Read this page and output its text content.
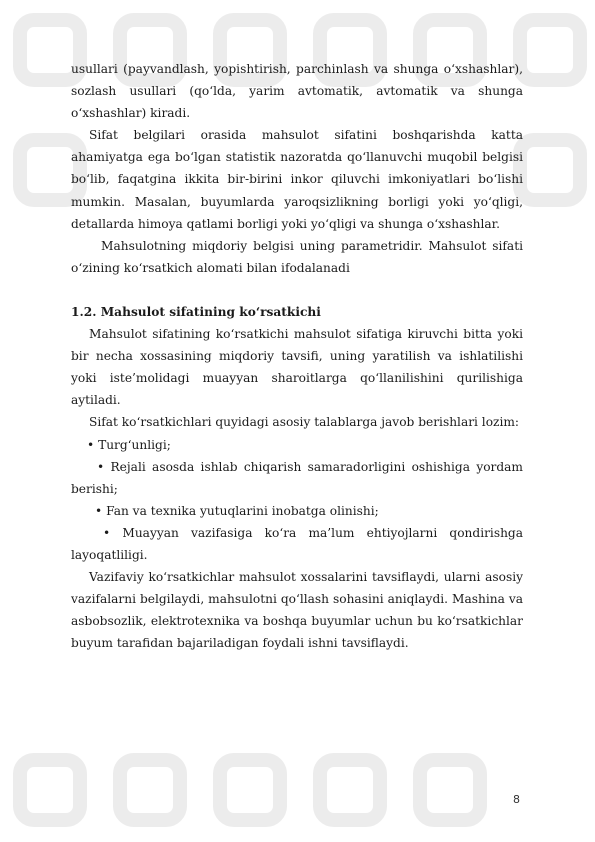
usullari (payvandlash, yopishtirish, parchinlash va shunga o‘xshashlar), sozlash usullari (qo‘lda, yarim avtomatik, avtomatik va shunga o‘xshashlar) kiradi.

Sifat belgilari orasida mahsulot sifatini boshqarishda katta ahamiyatga ega bo‘lgan statistik nazoratda qo‘llanuvchi muqobil belgisi bo‘lib, faqatgina ikkita bir-birini inkor qiluvchi imkoniyatlari bo‘lishi mumkin. Masalan, buyumlarda yaroqsizlikning borligi yoki yo‘qligi, detallarda himoya qatlami borligi yoki yo‘qligi va shunga o‘xshashlar.

Mahsulotning miqdoriy belgisi uning parametridir. Mahsulot sifati o‘zining ko‘rsatkich alomati bilan ifodalanadi

1.2. Mahsulot sifatining ko‘rsatkichi

Mahsulot sifatining ko‘rsatkichi mahsulot sifatiga kiruvchi bitta yoki bir necha xossasining miqdoriy tavsifi, uning yaratilish va ishlatilishi yoki iste’molidagi muayyan sharoitlarga qo‘llanilishini qurilishiga aytiladi.

Sifat ko‘rsatkichlari quyidagi asosiy talablarga javob berishlari lozim:

• Turg‘unligi;

• Rejali asosda ishlab chiqarish samaradorligini oshishiga yordam berishi;

• Fan va texnika yutuqlarini inobatga olinishi;

• Muayyan vazifasiga ko‘ra ma’lum ehtiyojlarni qondirishga layoqatliligi.

Vazifaviy ko‘rsatkichlar mahsulot xossalarini tavsiflaydi, ularni asosiy vazifalarni belgilaydi, mahsulotni qo‘llash sohasini aniqlaydi. Mashina va asbobsozlik, elektrotexnika va boshqa buyumlar uchun bu ko‘rsatkichlar buyum tarafidan bajariladigan foydali ishni tavsiflaydi.

8
